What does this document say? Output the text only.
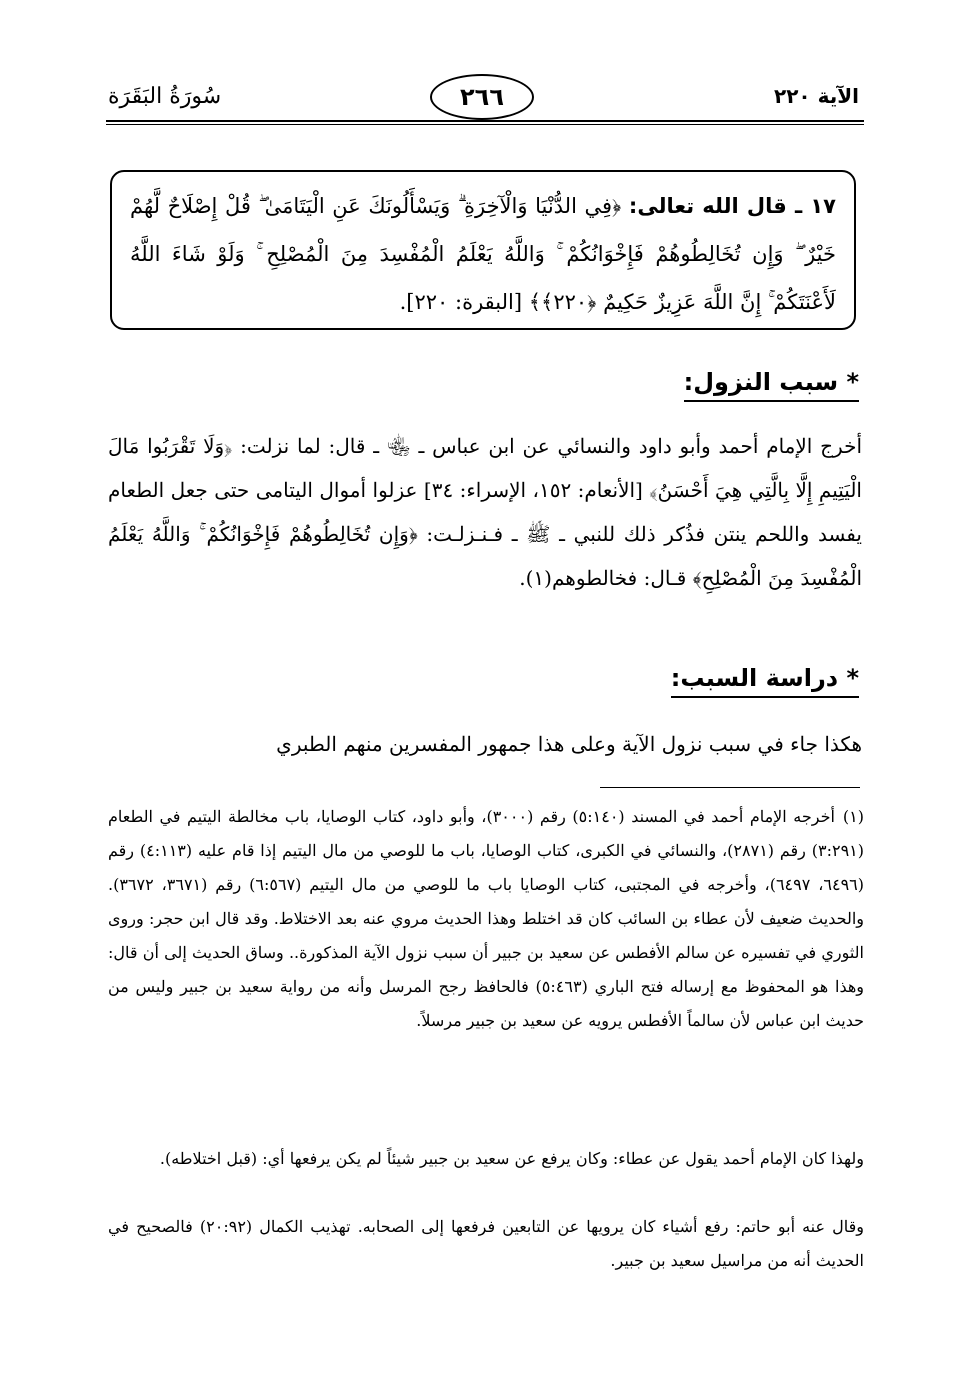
سُورَةُ البَقَرَة	٢٦٦	الآية ٢٢٠
١٧ ـ قال الله تعالى: ﴿فِي الدُّنْيَا وَالْآخِرَةِ ۗ وَيَسْأَلُونَكَ عَنِ الْيَتَامَىٰ ۖ قُلْ إِصْلَاحٌ لَّهُمْ خَيْرٌ ۖ وَإِن تُخَالِطُوهُمْ فَإِخْوَانُكُمْ ۚ وَاللَّهُ يَعْلَمُ الْمُفْسِدَ مِنَ الْمُصْلِحِ ۚ وَلَوْ شَاءَ اللَّهُ لَأَعْنَتَكُمْ ۚ إِنَّ اللَّهَ عَزِيزٌ حَكِيمٌ ﴿٢٢٠﴾﴾ [البقرة: ٢٢٠].
* سبب النزول:
أخرج الإمام أحمد وأبو داود والنسائي عن ابن عباس ـ ﵄ ـ قال: لما نزلت: ﴿وَلَا تَقْرَبُوا مَالَ الْيَتِيمِ إِلَّا بِالَّتِي هِيَ أَحْسَنُ﴾ [الأنعام: ١٥٢، الإسراء: ٣٤] عزلوا أموال اليتامى حتى جعل الطعام يفسد واللحم ينتن فذُكر ذلك للنبي ـ ﷺ ـ فـنـزلـت: ﴿وَإِن تُخَالِطُوهُمْ فَإِخْوَانُكُمْ ۚ وَاللَّهُ يَعْلَمُ الْمُفْسِدَ مِنَ الْمُصْلِحِ﴾ قـال: فخالطوهم(١).
* دراسة السبب:
هكذا جاء في سبب نزول الآية وعلى هذا جمهور المفسرين منهم الطبري
(١)أخرجه الإمام أحمد في المسند (٥:١٤٠) رقم (٣٠٠٠)، وأبو داود، كتاب الوصايا، باب مخالطة اليتيم في الطعام (٣:٢٩١) رقم (٢٨٧١)، والنسائي في الكبرى، كتاب الوصايا، باب ما للوصي من مال اليتيم إذا قام عليه (٤:١١٣) رقم (٦٤٩٦، ٦٤٩٧)، وأخرجه في المجتبى، كتاب الوصايا باب ما للوصي من مال اليتيم (٦:٥٦٧) رقم (٣٦٧١، ٣٦٧٢). والحديث ضعيف لأن عطاء بن السائب كان قد اختلط وهذا الحديث مروي عنه بعد الاختلاط. وقد قال ابن حجر: وروى الثوري في تفسيره عن سالم الأفطس عن سعيد بن جبير أن سبب نزول الآية المذكورة.. وساق الحديث إلى أن قال: وهذا هو المحفوظ مع إرساله فتح الباري (٥:٤٦٣) فالحافظ رجح المرسل وأنه من رواية سعيد بن جبير وليس من حديث ابن عباس لأن سالماً الأفطس يرويه عن سعيد بن جبير مرسلاً.
ولهذا كان الإمام أحمد يقول عن عطاء: وكان يرفع عن سعيد بن جبير شيئاً لم يكن يرفعها أي: (قبل اختلاطه).
وقال عنه أبو حاتم: رفع أشياء كان يرويها عن التابعين فرفعها إلى الصحابه. تهذيب الكمال (٢٠:٩٢) فالصحيح في الحديث أنه من مراسيل سعيد بن جبير.
